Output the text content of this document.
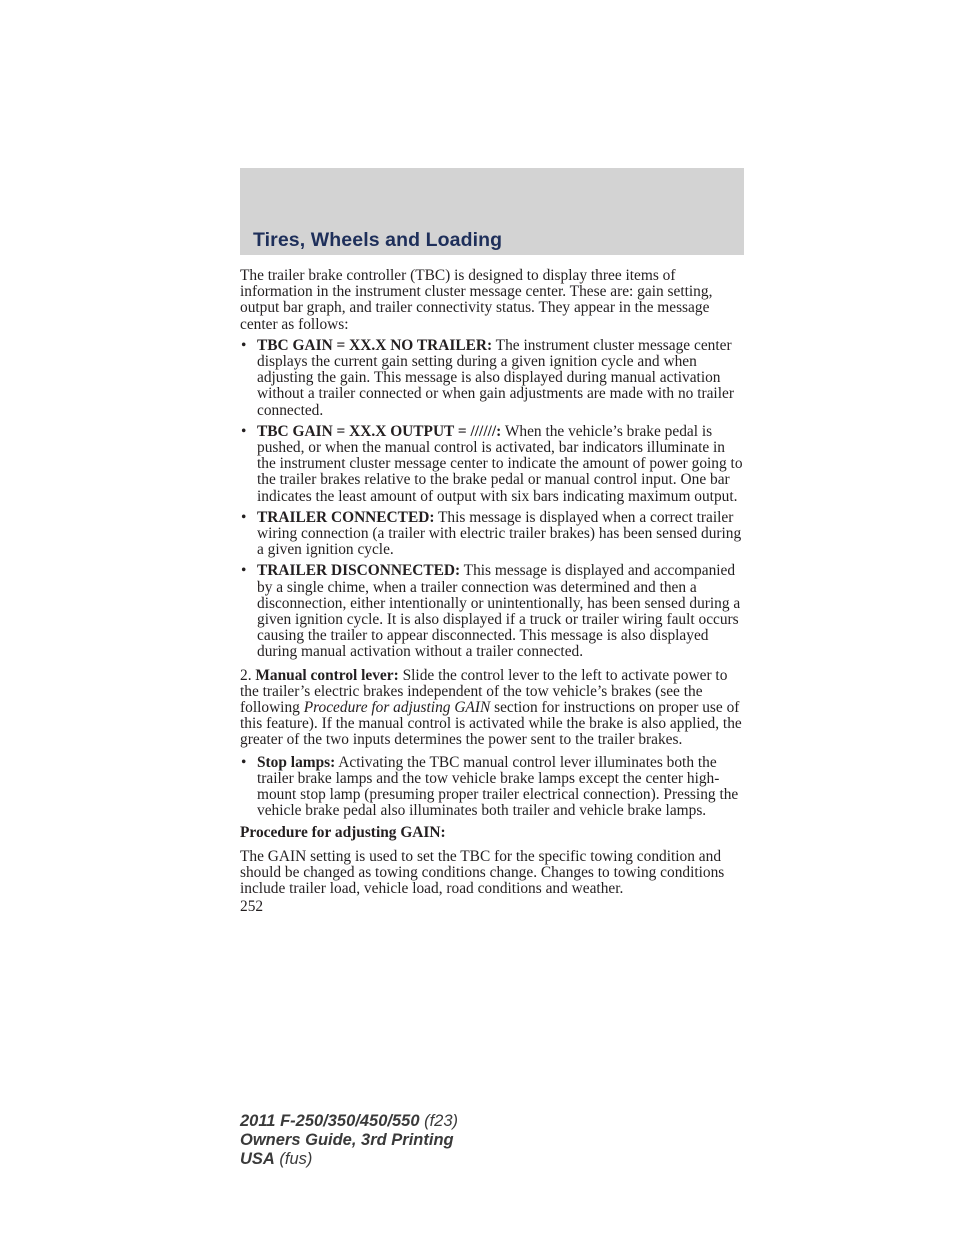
Tires, Wheels and Loading

The trailer brake controller (TBC) is designed to display three items of information in the instrument cluster message center. These are: gain setting, output bar graph, and trailer connectivity status. They appear in the message center as follows:

• TBC GAIN = XX.X NO TRAILER: The instrument cluster message center displays the current gain setting during a given ignition cycle and when adjusting the gain. This message is also displayed during manual activation without a trailer connected or when gain adjustments are made with no trailer connected.
• TBC GAIN = XX.X OUTPUT = //////: When the vehicle’s brake pedal is pushed, or when the manual control is activated, bar indicators illuminate in the instrument cluster message center to indicate the amount of power going to the trailer brakes relative to the brake pedal or manual control input. One bar indicates the least amount of output with six bars indicating maximum output.
• TRAILER CONNECTED: This message is displayed when a correct trailer wiring connection (a trailer with electric trailer brakes) has been sensed during a given ignition cycle.
• TRAILER DISCONNECTED: This message is displayed and accompanied by a single chime, when a trailer connection was determined and then a disconnection, either intentionally or unintentionally, has been sensed during a given ignition cycle. It is also displayed if a truck or trailer wiring fault occurs causing the trailer to appear disconnected. This message is also displayed during manual activation without a trailer connected.

2. Manual control lever: Slide the control lever to the left to activate power to the trailer’s electric brakes independent of the tow vehicle’s brakes (see the following Procedure for adjusting GAIN section for instructions on proper use of this feature). If the manual control is activated while the brake is also applied, the greater of the two inputs determines the power sent to the trailer brakes.

• Stop lamps: Activating the TBC manual control lever illuminates both the trailer brake lamps and the tow vehicle brake lamps except the center high-mount stop lamp (presuming proper trailer electrical connection). Pressing the vehicle brake pedal also illuminates both trailer and vehicle brake lamps.

Procedure for adjusting GAIN:

The GAIN setting is used to set the TBC for the specific towing condition and should be changed as towing conditions change. Changes to towing conditions include trailer load, vehicle load, road conditions and weather.

252

2011 F-250/350/450/550 (f23)
Owners Guide, 3rd Printing
USA (fus)
